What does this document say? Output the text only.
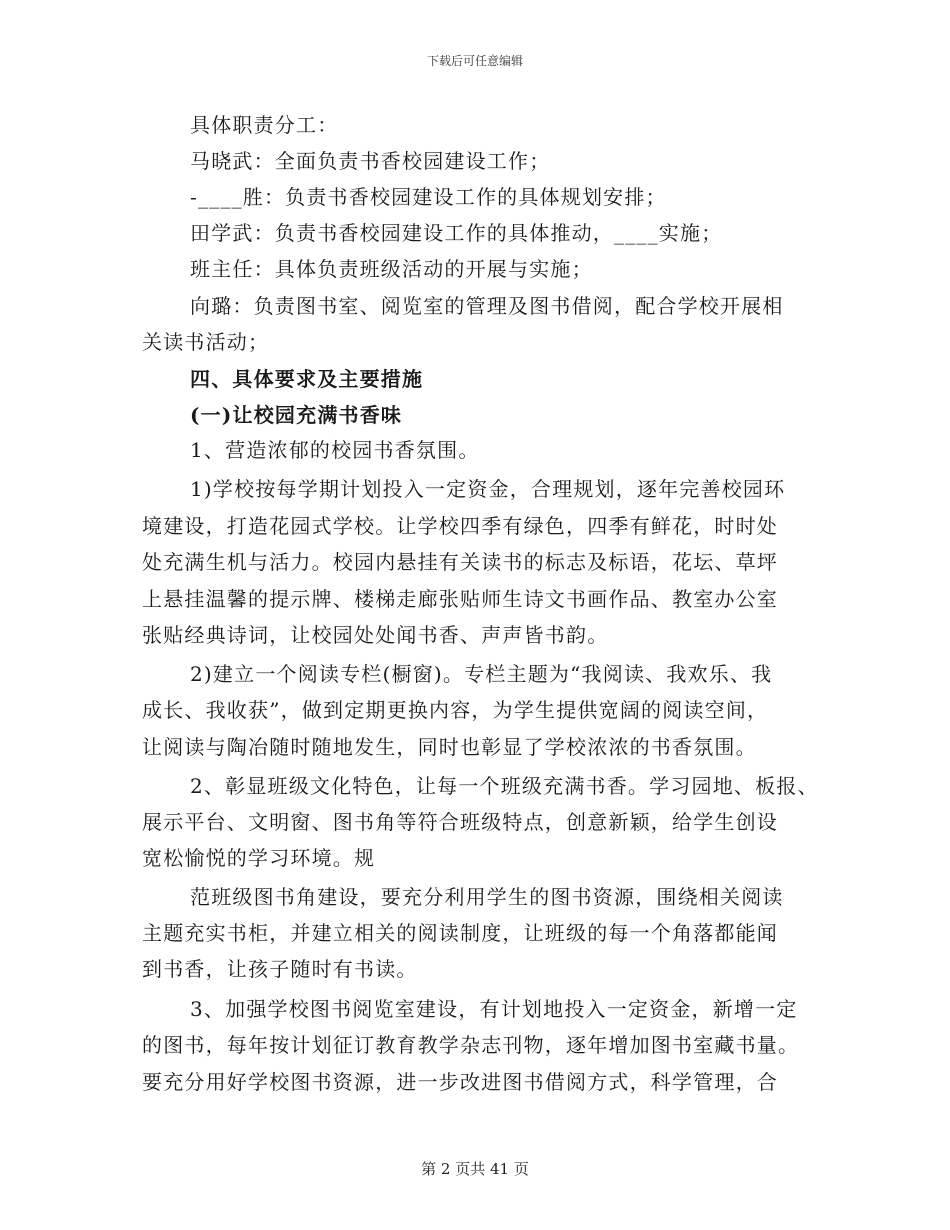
下载后可任意编辑
具体职责分工：
马晓武：全面负责书香校园建设工作；
-____胜：负责书香校园建设工作的具体规划安排；
田学武：负责书香校园建设工作的具体推动，____实施；
班主任：具体负责班级活动的开展与实施；
向璐：负责图书室、阅览室的管理及图书借阅，配合学校开展相
关读书活动；
四、具体要求及主要措施
(一)让校园充满书香味
1、营造浓郁的校园书香氛围。
1)学校按每学期计划投入一定资金，合理规划，逐年完善校园环
境建设，打造花园式学校。让学校四季有绿色，四季有鲜花，时时处
处充满生机与活力。校园内悬挂有关读书的标志及标语，花坛、草坪
上悬挂温馨的提示牌、楼梯走廊张贴师生诗文书画作品、教室办公室
张贴经典诗词，让校园处处闻书香、声声皆书韵。
2)建立一个阅读专栏(橱窗)。专栏主题为“我阅读、我欢乐、我
成长、我收获”，做到定期更换内容，为学生提供宽阔的阅读空间，
让阅读与陶冶随时随地发生，同时也彰显了学校浓浓的书香氛围。
2、彰显班级文化特色，让每一个班级充满书香。学习园地、板报、
展示平台、文明窗、图书角等符合班级特点，创意新颖，给学生创设
宽松愉悦的学习环境。规
范班级图书角建设，要充分利用学生的图书资源，围绕相关阅读
主题充实书柜，并建立相关的阅读制度，让班级的每一个角落都能闻
到书香，让孩子随时有书读。
3、加强学校图书阅览室建设，有计划地投入一定资金，新增一定
的图书，每年按计划征订教育教学杂志刊物，逐年增加图书室藏书量。
要充分用好学校图书资源，进一步改进图书借阅方式，科学管理，合
第 2 页共 41 页
